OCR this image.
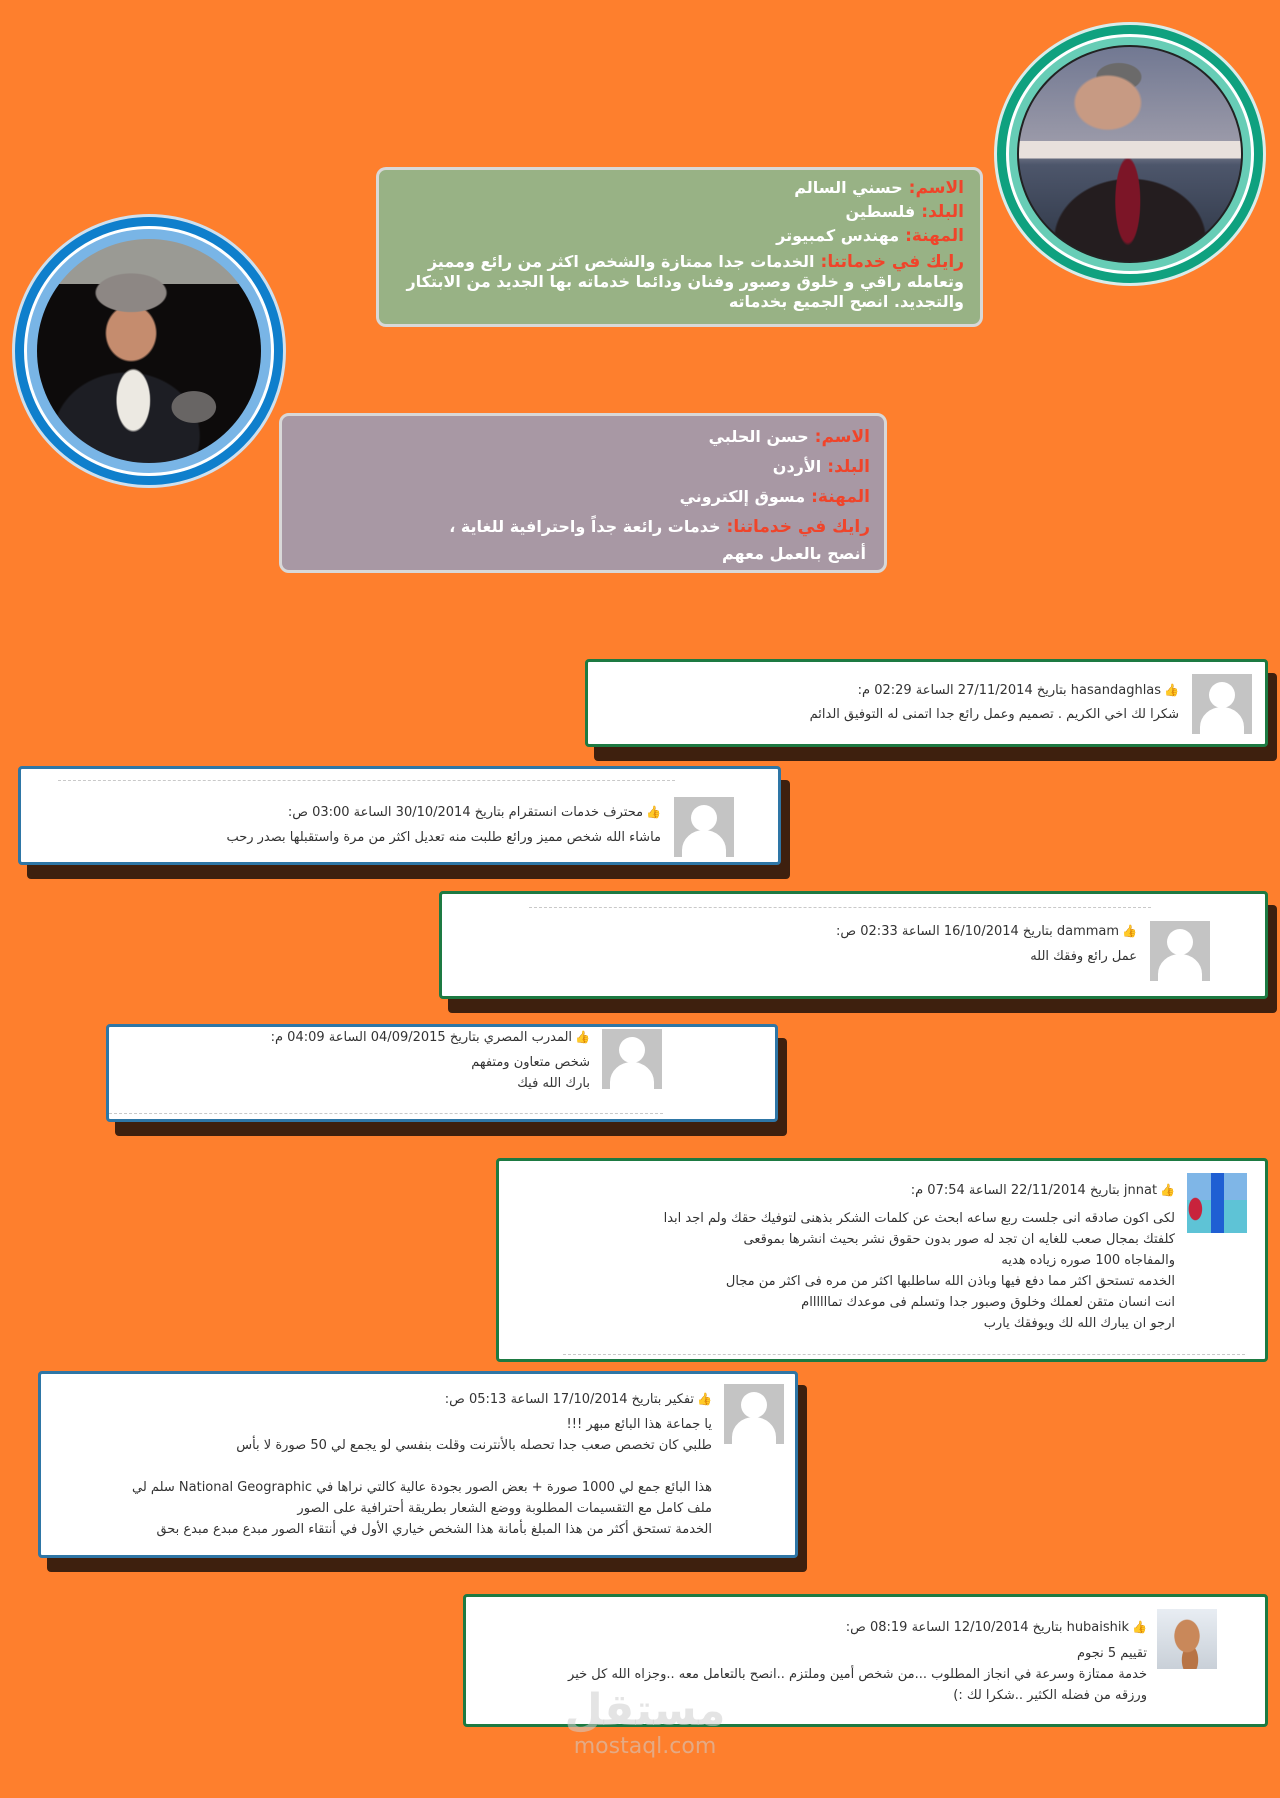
الاسم:حسني السالم
البلد:فلسطين
المهنة:مهندس كمبيوتر
رايك في خدماتنا:الخدمات جدا ممتازة والشخص اكثر من رائع ومميز وتعامله راقي و خلوق وصبور وفنان ودائما خدماته بها الجديد من الابتكار والتجديد. انصح الجميع بخدماته
الاسم:حسن الحلبي
البلد:الأردن
المهنة:مسوق إلكتروني
رايك في خدماتنا:خدمات رائعة جداً واحترافية للغاية ،
أنصح بالعمل معهم
👍hasandaghlas بتاريخ 27/11/2014 الساعة 02:29 م:
شكرا لك اخي الكريم . تصميم وعمل رائع جدا اتمنى له التوفيق الدائم
👍محترف خدمات انستقرام بتاريخ 30/10/2014 الساعة 03:00 ص:
ماشاء الله شخص مميز ورائع طلبت منه تعديل اكثر من مرة واستقبلها بصدر رحب
👍dammam بتاريخ 16/10/2014 الساعة 02:33 ص:
عمل رائع وفقك الله
👍المدرب المصري بتاريخ 04/09/2015 الساعة 04:09 م:
شخص متعاون ومتفهم
بارك الله فيك
👍jnnat بتاريخ 22/11/2014 الساعة 07:54 م:
لكى اكون صادقه انى جلست ربع ساعه ابحث عن كلمات الشكر بذهنى لتوفيك حقك ولم اجد ابدا
كلفتك بمجال صعب للغايه ان تجد له صور بدون حقوق نشر بحيث انشرها بموقعى
والمفاجاه 100 صوره زياده هديه
الخدمه تستحق اكثر مما دفع فيها وباذن الله ساطلبها اكثر من مره فى اكثر من مجال
انت انسان متقن لعملك وخلوق وصبور جدا وتسلم فى موعدك تماااااام
ارجو ان يبارك الله لك ويوفقك يارب
👍تفكير بتاريخ 17/10/2014 الساعة 05:13 ص:
يا جماعة هذا البائع مبهر !!!
طلبي كان تخصص صعب جدا تحصله بالأنترنت وقلت بنفسي لو يجمع لي 50 صورة لا بأس
هذا البائع جمع لي 1000 صورة + بعض الصور بجودة عالية كالتي نراها في National Geographic سلم لي
ملف كامل مع التقسيمات المطلوبة ووضع الشعار بطريقة أحترافية على الصور
الخدمة تستحق أكثر من هذا المبلغ بأمانة هذا الشخص خياري الأول في أنتقاء الصور مبدع مبدع مبدع بحق
👍hubaishik بتاريخ 12/10/2014 الساعة 08:19 ص:
تقييم 5 نجوم
خدمة ممتازة وسرعة في انجاز المطلوب ...من شخص أمين وملتزم ..انصح بالتعامل معه ..وجزاه الله كل خير
ورزقه من فضله الكثير ..شكرا لك :)
مستقل
mostaql.com
